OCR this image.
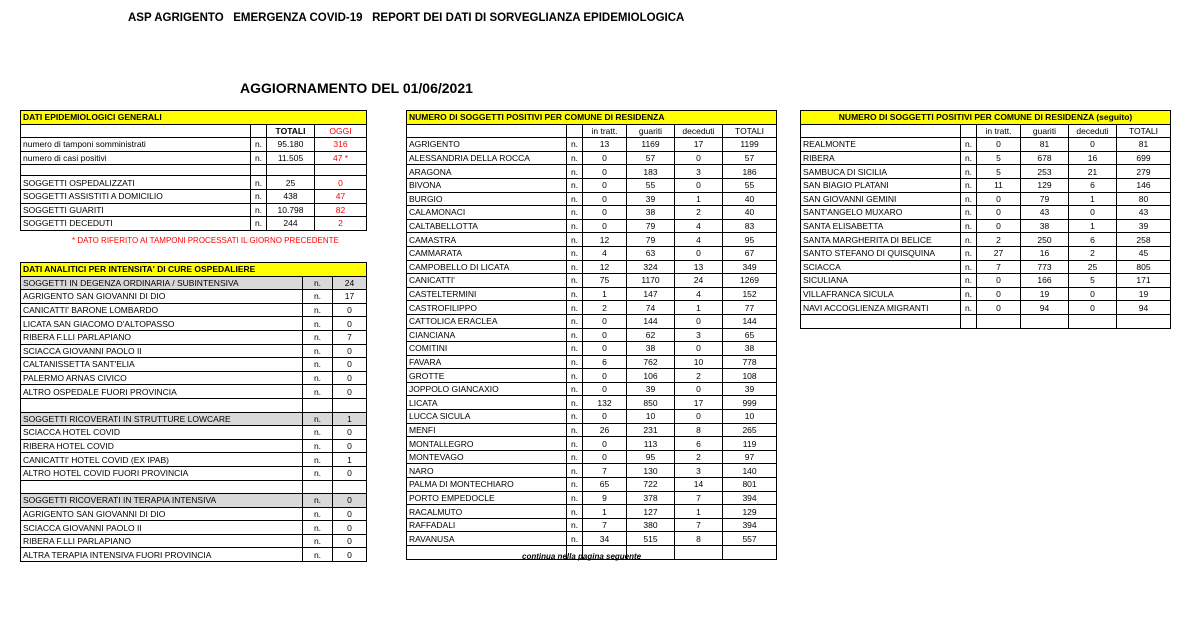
ASP AGRIGENTO   EMERGENZA COVID-19   REPORT DEI DATI DI SORVEGLIANZA EPIDEMIOLOGICA
AGGIORNAMENTO DEL 01/06/2021
DATI EPIDEMIOLOGICI GENERALI			
		TOTALI	OGGI
numero di tamponi somministrati	n.	95.180	316
numero di casi positivi	n.	11.505	47 *

SOGGETTI OSPEDALIZZATI	n.	25	0
SOGGETTI ASSISTITI A DOMICILIO	n.	438	47
SOGGETTI GUARITI	n.	10.798	82
SOGGETTI DECEDUTI	n.	244	2
* DATO RIFERITO AI TAMPONI PROCESSATI IL GIORNO PRECEDENTE
DATI ANALITICI PER INTENSITA' DI CURE OSPEDALIERE		
SOGGETTI IN DEGENZA ORDINARIA / SUBINTENSIVA	n.	24
AGRIGENTO SAN GIOVANNI DI DIO	n.	17
CANICATTI' BARONE LOMBARDO	n.	0
LICATA SAN GIACOMO D'ALTOPASSO	n.	0
RIBERA F.LLI PARLAPIANO	n.	7
SCIACCA GIOVANNI PAOLO II	n.	0
CALTANISSETTA SANT'ELIA	n.	0
PALERMO ARNAS CIVICO	n.	0
ALTRO OSPEDALE FUORI PROVINCIA	n.	0

SOGGETTI RICOVERATI IN STRUTTURE LOWCARE	n.	1
SCIACCA HOTEL COVID	n.	0
RIBERA HOTEL COVID	n.	0
CANICATTI' HOTEL COVID (EX IPAB)	n.	1
ALTRO HOTEL COVID FUORI PROVINCIA	n.	0

SOGGETTI RICOVERATI IN TERAPIA INTENSIVA	n.	0
AGRIGENTO SAN GIOVANNI DI DIO	n.	0
SCIACCA GIOVANNI PAOLO II	n.	0
RIBERA F.LLI PARLAPIANO	n.	0
ALTRA TERAPIA INTENSIVA FUORI PROVINCIA	n.	0
NUMERO DI SOGGETTI POSITIVI PER COMUNE DI RESIDENZA					
		in tratt.	guariti	deceduti	TOTALI
AGRIGENTO	n.	13	1169	17	1199
ALESSANDRIA DELLA ROCCA	n.	0	57	0	57
ARAGONA	n.	0	183	3	186
BIVONA	n.	0	55	0	55
BURGIO	n.	0	39	1	40
CALAMONACI	n.	0	38	2	40
CALTABELLOTTA	n.	0	79	4	83
CAMASTRA	n.	12	79	4	95
CAMMARATA	n.	4	63	0	67
CAMPOBELLO DI LICATA	n.	12	324	13	349
CANICATTI'	n.	75	1170	24	1269
CASTELTERMINI	n.	1	147	4	152
CASTROFILIPPO	n.	2	74	1	77
CATTOLICA ERACLEA	n.	0	144	0	144
CIANCIANA	n.	0	62	3	65
COMITINI	n.	0	38	0	38
FAVARA	n.	6	762	10	778
GROTTE	n.	0	106	2	108
JOPPOLO GIANCAXIO	n.	0	39	0	39
LICATA	n.	132	850	17	999
LUCCA SICULA	n.	0	10	0	10
MENFI	n.	26	231	8	265
MONTALLEGRO	n.	0	113	6	119
MONTEVAGO	n.	0	95	2	97
NARO	n.	7	130	3	140
PALMA DI MONTECHIARO	n.	65	722	14	801
PORTO EMPEDOCLE	n.	9	378	7	394
RACALMUTO	n.	1	127	1	129
RAFFADALI	n.	7	380	7	394
RAVANUSA	n.	34	515	8	557

continua nella pagina seguente
NUMERO DI SOGGETTI POSITIVI PER COMUNE DI RESIDENZA (seguito)					
		in tratt.	guariti	deceduti	TOTALI
REALMONTE	n.	0	81	0	81
RIBERA	n.	5	678	16	699
SAMBUCA DI SICILIA	n.	5	253	21	279
SAN BIAGIO PLATANI	n.	11	129	6	146
SAN GIOVANNI GEMINI	n.	0	79	1	80
SANT'ANGELO MUXARO	n.	0	43	0	43
SANTA ELISABETTA	n.	0	38	1	39
SANTA MARGHERITA DI BELICE	n.	2	250	6	258
SANTO STEFANO DI QUISQUINA	n.	27	16	2	45
SCIACCA	n.	7	773	25	805
SICULIANA	n.	0	166	5	171
VILLAFRANCA SICULA	n.	0	19	0	19
NAVI ACCOGLIENZA MIGRANTI	n.	0	94	0	94
